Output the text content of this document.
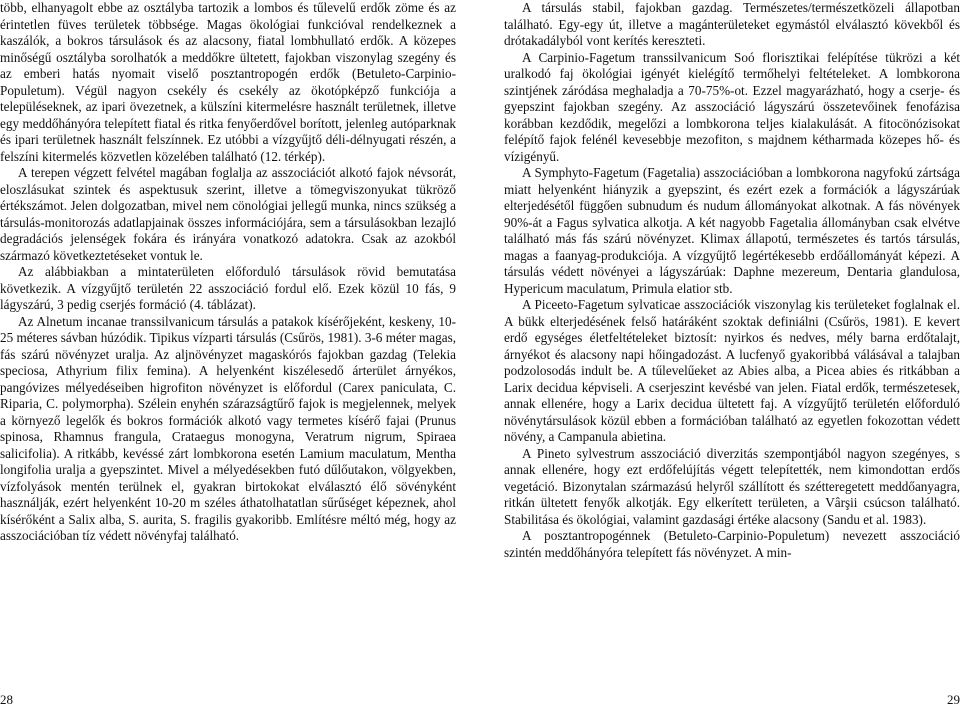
több, elhanyagolt ebbe az osztályba tartozik a lombos és tűlevelű erdők zöme és az érintetlen füves területek többsége. Magas ökológiai funkcióval rendelkeznek a kaszálók, a bokros társulások és az alacsony, fiatal lombhullató erdők. A közepes minőségű osztályba sorolhatók a meddőkre ültetett, fajokban viszonylag szegény és az emberi hatás nyomait viselő posztantropogén erdők (Betuleto-Carpinio-Populetum). Végül nagyon csekély és csekély az ökotópképző funkciója a településeknek, az ipari övezetnek, a külszíni kitermelésre használt területnek, illetve egy meddőhányóra telepített fiatal és ritka fenyőerdővel borított, jelenleg autóparknak és ipari területnek használt felszínnek. Ez utóbbi a vízgyűjtő déli-délnyugati részén, a felszíni kitermelés közvetlen közelében található (12. térkép).

A terepen végzett felvétel magában foglalja az asszociációt alkotó fajok névsorát, eloszlásukat szintek és aspektusuk szerint, illetve a tömegviszonyukat tükröző értékszámot. Jelen dolgozatban, mivel nem cönológiai jellegű munka, nincs szükség a társulás-monitorozás adatlapjainak összes információjára, sem a társulásokban lezajló degradációs jelenségek fokára és irányára vonatkozó adatokra. Csak az azokból származó következtetéseket vontuk le.

Az alábbiakban a mintaterületen előforduló társulások rövid bemutatása következik. A vízgyűjtő területén 22 asszociáció fordul elő. Ezek közül 10 fás, 9 lágyszárú, 3 pedig cserjés formáció (4. táblázat).

Az Alnetum incanae transsilvanicum társulás a patakok kísérőjeként, keskeny, 10-25 méteres sávban húzódik. Tipikus vízparti társulás (Csűrös, 1981). 3-6 méter magas, fás szárú növényzet uralja. Az aljnövényzet magaskórós fajokban gazdag (Telekia speciosa, Athyrium filix femina). A helyenként kiszélesedő árterület árnyékos, pangóvizes mélyedéseiben higrofiton növényzet is előfordul (Carex paniculata, C. Riparia, C. polymorpha). Szélein enyhén szárazságtűrő fajok is megjelennek, melyek a környező legelők és bokros formációk alkotó vagy termetes kísérő fajai (Prunus spinosa, Rhamnus frangula, Crataegus monogyna, Veratrum nigrum, Spiraea salicifolia). A ritkább, kevéssé zárt lombkorona esetén Lamium maculatum, Mentha longifolia uralja a gyepszintet. Mivel a mélyedésekben futó dűlőutakon, völgyekben, vízfolyások mentén terülnek el, gyakran birtokokat elválasztó élő sövényként használják, ezért helyenként 10-20 m széles áthatolhatatlan sűrűséget képeznek, ahol kísérőként a Salix alba, S. aurita, S. fragilis gyakoribb. Említésre méltó még, hogy az asszociációban tíz védett növényfaj található.

28

A társulás stabil, fajokban gazdag. Természetes/természetközeli állapotban található. Egy-egy út, illetve a magánterületeket egymástól elválasztó kövekből és drótakadályból vont kerítés kereszteti.

A Carpinio-Fagetum transsilvanicum Soó florisztikai felépítése tükrözi a két uralkodó faj ökológiai igényét kielégítő termőhelyi feltételeket. A lombkorona szintjének záródása meghaladja a 70-75%-ot. Ezzel magyarázható, hogy a cserje- és gyepszint fajokban szegény. Az asszociáció lágyszárú összetevőinek fenofázisa korábban kezdődik, megelőzi a lombkorona teljes kialakulását. A fitocönózisokat felépítő fajok felénél kevesebbje mezofiton, s majdnem kétharmada közepes hő- és vízigényű.

A Symphyto-Fagetum (Fagetalia) asszociációban a lombkorona nagyfokú zártsága miatt helyenként hiányzik a gyepszint, és ezért ezek a formációk a lágyszárúak elterjedésétől függően subnudum és nudum állományokat alkotnak. A fás növények 90%-át a Fagus sylvatica alkotja. A két nagyobb Fagetalia állományban csak elvétve található más fás szárú növényzet. Klimax állapotú, természetes és tartós társulás, magas a faanyag-produkciója. A vízgyűjtő legértékesebb erdőállományát képezi. A társulás védett növényei a lágyszárúak: Daphne mezereum, Dentaria glandulosa, Hypericum maculatum, Primula elatior stb.

A Piceeto-Fagetum sylvaticae asszociációk viszonylag kis területeket foglalnak el. A bükk elterjedésének felső határáként szoktak definiálni (Csűrös, 1981). E kevert erdő egységes életfeltételeket biztosít: nyirkos és nedves, mély barna erdőtalajt, árnyékot és alacsony napi hőingadozást. A lucfenyő gyakoribbá válásával a talajban podzolosodás indult be. A tűlevelűeket az Abies alba, a Picea abies és ritkábban a Larix decidua képviseli. A cserjeszint kevésbé van jelen. Fiatal erdők, természetesek, annak ellenére, hogy a Larix decidua ültetett faj. A vízgyűjtő területén előforduló növénytársulások közül ebben a formációban található az egyetlen fokozottan védett növény, a Campanula abietina.

A Pineto sylvestrum asszociáció diverzitás szempontjából nagyon szegényes, s annak ellenére, hogy ezt erdőfelújítás végett telepítették, nem kimondottan erdős vegetáció. Bizonytalan származású helyről szállított és szétteregetett meddőanyagra, ritkán ültetett fenyők alkotják. Egy elkerített területen, a Vârşii csúcson található. Stabilitása és ökológiai, valamint gazdasági értéke alacsony (Sandu et al. 1983).

A posztantropogénnek (Betuleto-Carpinio-Populetum) nevezett asszociáció szintén meddőhányóra telepített fás növényzet. A min-

29
